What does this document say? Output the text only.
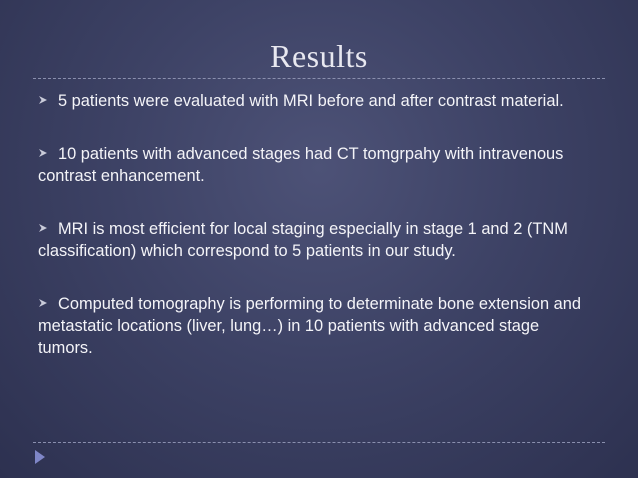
Results
5 patients were evaluated with MRI before and after contrast material.
10 patients with advanced stages had CT tomgrpahy with intravenous contrast enhancement.
MRI is most efficient for local staging especially in stage 1 and 2 (TNM classification) which correspond to 5 patients in our study.
Computed tomography is performing to determinate bone extension and metastatic locations (liver, lung…) in 10 patients with advanced stage tumors.
